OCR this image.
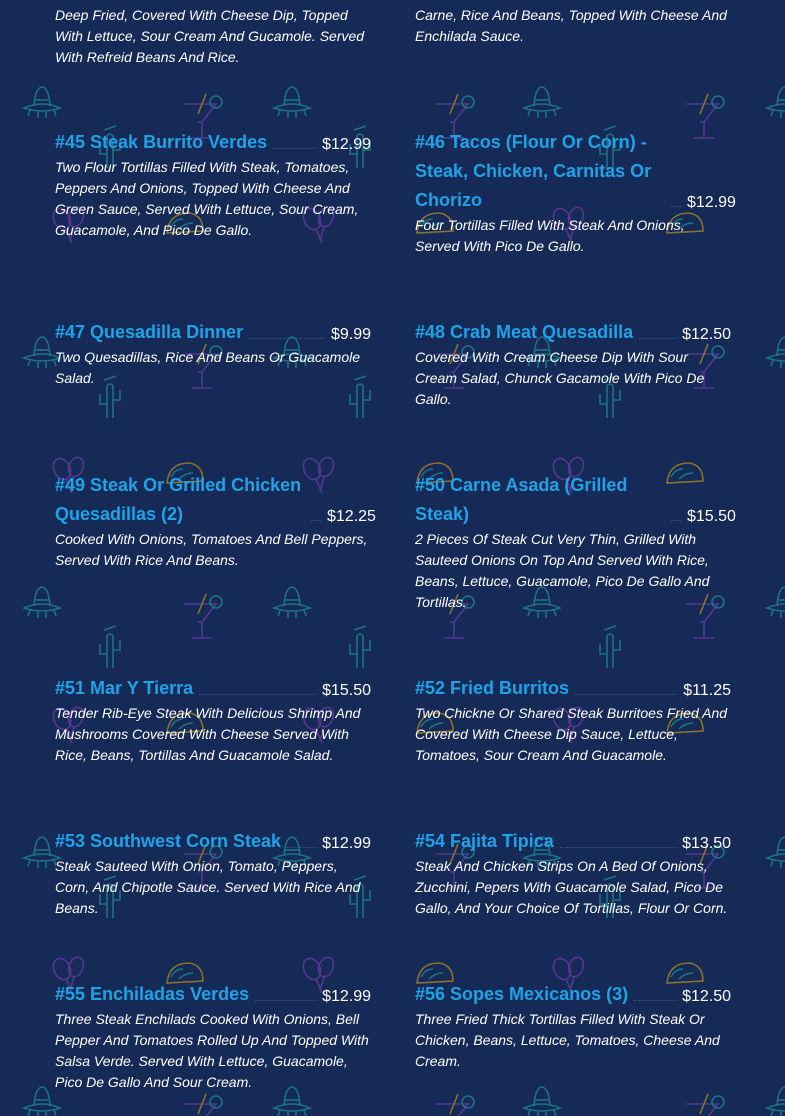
Deep Fried, Covered With Cheese Dip, Topped With Lettuce, Sour Cream And Gucamole. Served With Refreid Beans And Rice.
Carne, Rice And Beans, Topped With Cheese And Enchilada Sauce.
#45 Steak Burrito Verdes	$12.99
Two Flour Tortillas Filled With Steak, Tomatoes, Peppers And Onions, Topped With Cheese And Green Sauce, Served With Lettuce, Sour Cream, Guacamole, And Pico De Gallo.
#46 Tacos (Flour Or Corn) - Steak, Chicken, Carnitas Or Chorizo	$12.99
Four Tortillas Filled With Steak And Onions, Served With Pico De Gallo.
#47 Quesadilla Dinner	$9.99
Two Quesadillas, Rice And Beans Or Guacamole Salad.
#48 Crab Meat Quesadilla	$12.50
Covered With Cream Cheese Dip With Sour Cream Salad, Chunck Gacamole With Pico De Gallo.
#49 Steak Or Grilled Chicken Quesadillas (2)	$12.25
Cooked With Onions, Tomatoes And Bell Peppers, Served With Rice And Beans.
#50 Carne Asada (Grilled Steak)	$15.50
2 Pieces Of Steak Cut Very Thin, Grilled With Sauteed Onions On Top And Served With Rice, Beans, Lettuce, Guacamole, Pico De Gallo And Tortillas.
#51 Mar Y Tierra	$15.50
Tender Rib-Eye Steak With Delicious Shrimp And Mushrooms Covered With Cheese Served With Rice, Beans, Tortillas And Guacamole Salad.
#52 Fried Burritos	$11.25
Two Chickne Or Shared Steak Burritoes Fried And Covered With Cheese Dip Sauce, Lettuce, Tomatoes, Sour Cream And Guacamole.
#53 Southwest Corn Steak	$12.99
Steak Sauteed With Onion, Tomato, Peppers, Corn, And Chipotle Sauce. Served With Rice And Beans.
#54 Fajita Tipica	$13.50
Steak And Chicken Strips On A Bed Of Onions, Zucchini, Pepers With Guacamole Salad, Pico De Gallo, And Your Choice Of Tortillas, Flour Or Corn.
#55 Enchiladas Verdes	$12.99
Three Steak Enchilads Cooked With Onions, Bell Pepper And Tomatoes Rolled Up And Topped With Salsa Verde. Served With Lettuce, Guacamole, Pico De Gallo And Sour Cream.
#56 Sopes Mexicanos (3)	$12.50
Three Fried Thick Tortillas Filled With Steak Or Chicken, Beans, Lettuce, Tomatoes, Cheese And Cream.
